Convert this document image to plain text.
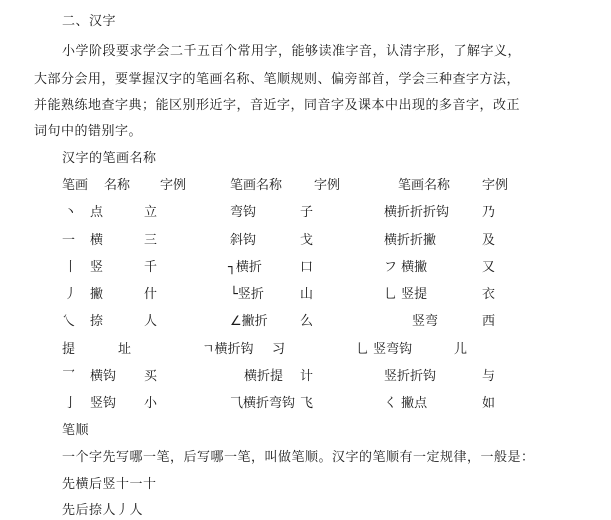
二、汉字
小学阶段要求学会二千五百个常用字，能够读准字音，认清字形，了解字义，
大部分会用，要掌握汉字的笔画名称、笔顺规则、偏旁部首，学会三种查字方法，
并能熟练地查字典；能区别形近字，音近字，同音字及课本中出现的多音字，改正
词句中的错别字。
汉字的笔画名称
笔画 名称 字例	笔画名称 字例	笔画名称 字例
丶 点	立	弯钩	子	横折折折钩	乃
一 横	三	斜钩	戈	横折折撇	及
丨 竖	千	┐横折	口	フ 横撇	又
丿 撇	什	└竖折	山	乚 竖提	衣
乀 捺	人	∠撇折 么	竖弯	西
提	址	ㄱ横折钩 习	乚 竖弯钩	儿
乛 横钩 买	横折提 计	竖折折钩	与
亅 竖钩 小	⺄横折弯钩 飞	く 撇点	如
笔顺
一个字先写哪一笔，后写哪一笔，叫做笔顺。汉字的笔顺有一定规律，一般是：
先横后竖十一十
先后捺人丿人
